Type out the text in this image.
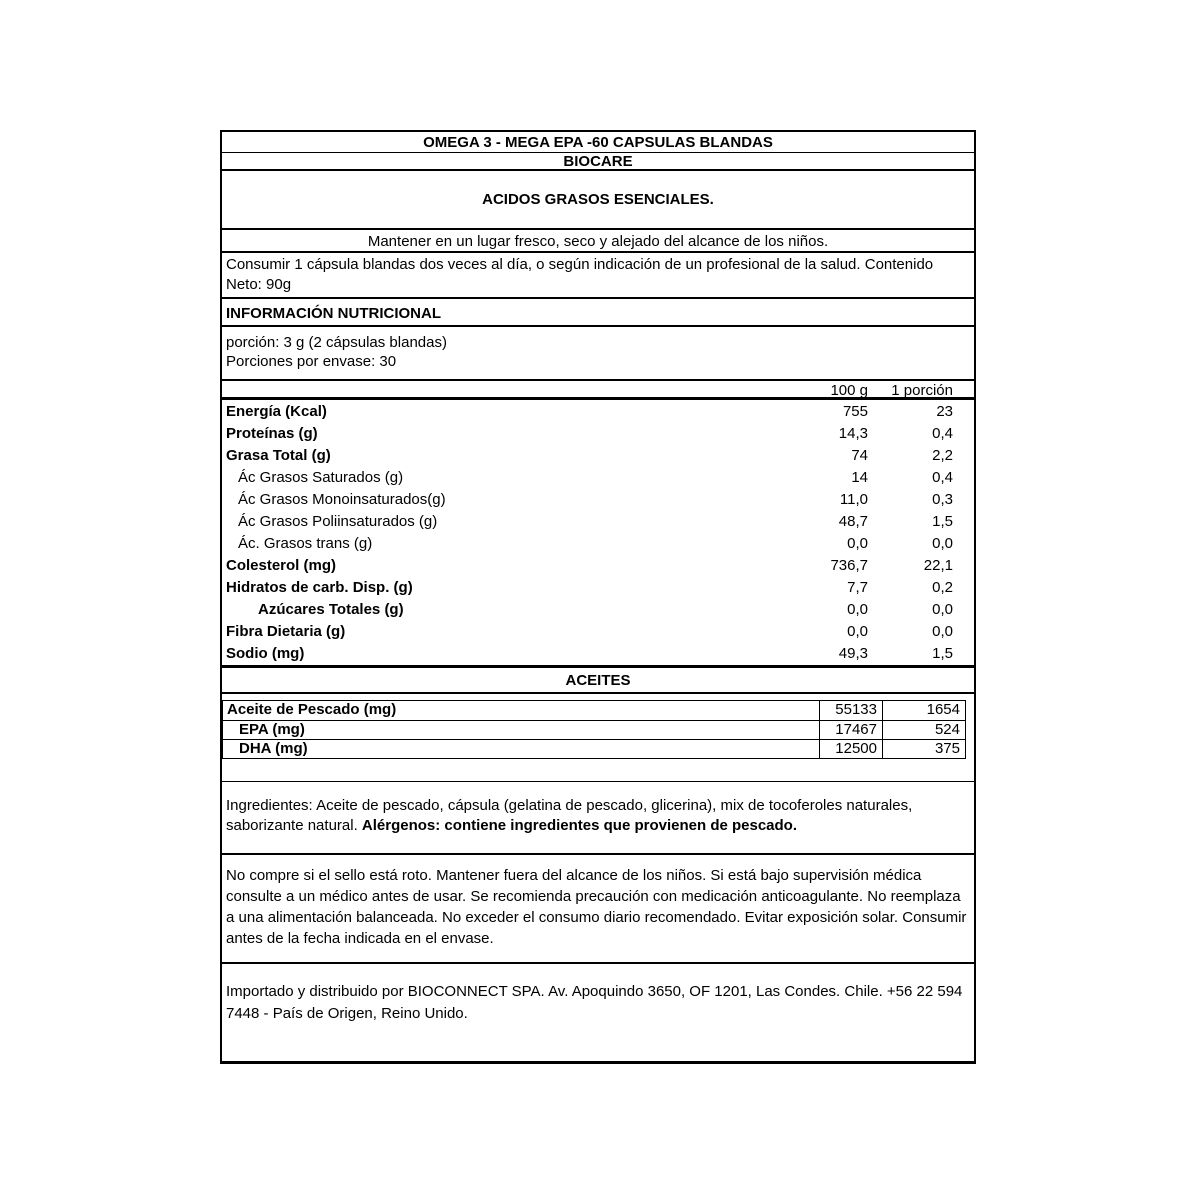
OMEGA 3 - MEGA EPA -60 CAPSULAS BLANDAS
BIOCARE
ACIDOS GRASOS ESENCIALES.
Mantener en un lugar fresco, seco y alejado del alcance de los niños.
Consumir 1 cápsula blandas dos veces al día, o según indicación de un profesional de la salud. Contenido Neto: 90g
INFORMACIÓN NUTRICIONAL
porción: 3 g (2 cápsulas blandas)
Porciones por envase: 30
100 g	1 porción
Energía (Kcal)	755	23
Proteínas (g)	14,3	0,4
Grasa Total (g)	74	2,2
Ác Grasos Saturados (g)	14	0,4
Ác Grasos Monoinsaturados(g)	11,0	0,3
Ác Grasos Poliinsaturados (g)	48,7	1,5
Ác. Grasos trans (g)	0,0	0,0
Colesterol (mg)	736,7	22,1
Hidratos de carb. Disp. (g)	7,7	0,2
Azúcares Totales (g)	0,0	0,0
Fibra Dietaria (g)	0,0	0,0
Sodio (mg)	49,3	1,5
ACEITES
Aceite de Pescado (mg)	55133	1654
EPA (mg)	17467	524
DHA (mg)	12500	375
Ingredientes: Aceite de pescado, cápsula (gelatina de pescado, glicerina), mix de tocoferoles naturales, saborizante natural. Alérgenos: contiene ingredientes que provienen de pescado.
No compre si el sello está roto. Mantener fuera del alcance de los niños. Si está bajo supervisión médica consulte a un médico antes de usar. Se recomienda precaución con medicación anticoagulante. No reemplaza a una alimentación balanceada. No exceder el consumo diario recomendado. Evitar exposición solar. Consumir antes de la fecha indicada en el envase.
Importado y distribuido por BIOCONNECT SPA. Av. Apoquindo 3650, OF 1201, Las Condes. Chile. +56 22 594 7448 - País de Origen, Reino Unido.
